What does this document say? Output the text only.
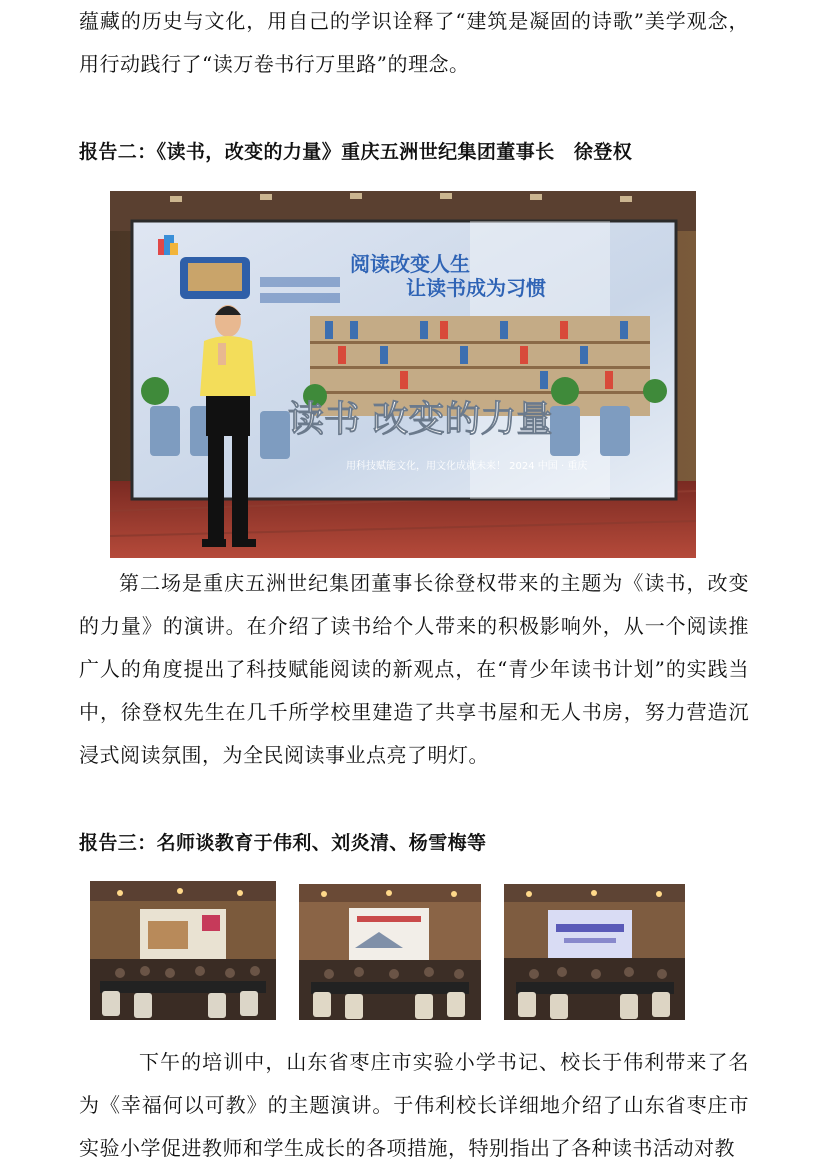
蕴藏的历史与文化，用自己的学识诠释了“建筑是凝固的诗歌”美学观念，用行动践行了“读万卷书行万里路”的理念。

报告二：《读书，改变的力量》重庆五洲世纪集团董事长　徐登权
阅读改变人生
让读书成为习惯
读书 改变的力量
用科技赋能文化，用文化成就未来！ 2024 中国 · 重庆

第二场是重庆五洲世纪集团董事长徐登权带来的主题为《读书，改变的力量》的演讲。在介绍了读书给个人带来的积极影响外，从一个阅读推广人的角度提出了科技赋能阅读的新观点，在“青少年读书计划”的实践当中，徐登权先生在几千所学校里建造了共享书屋和无人书房，努力营造沉浸式阅读氛围，为全民阅读事业点亮了明灯。

报告三：名师谈教育于伟利、刘炎清、杨雪梅等

下午的培训中，山东省枣庄市实验小学书记、校长于伟利带来了名为《幸福何以可教》的主题演讲。于伟利校长详细地介绍了山东省枣庄市实验小学促进教师和学生成长的各项措施，特别指出了各种读书活动对教
